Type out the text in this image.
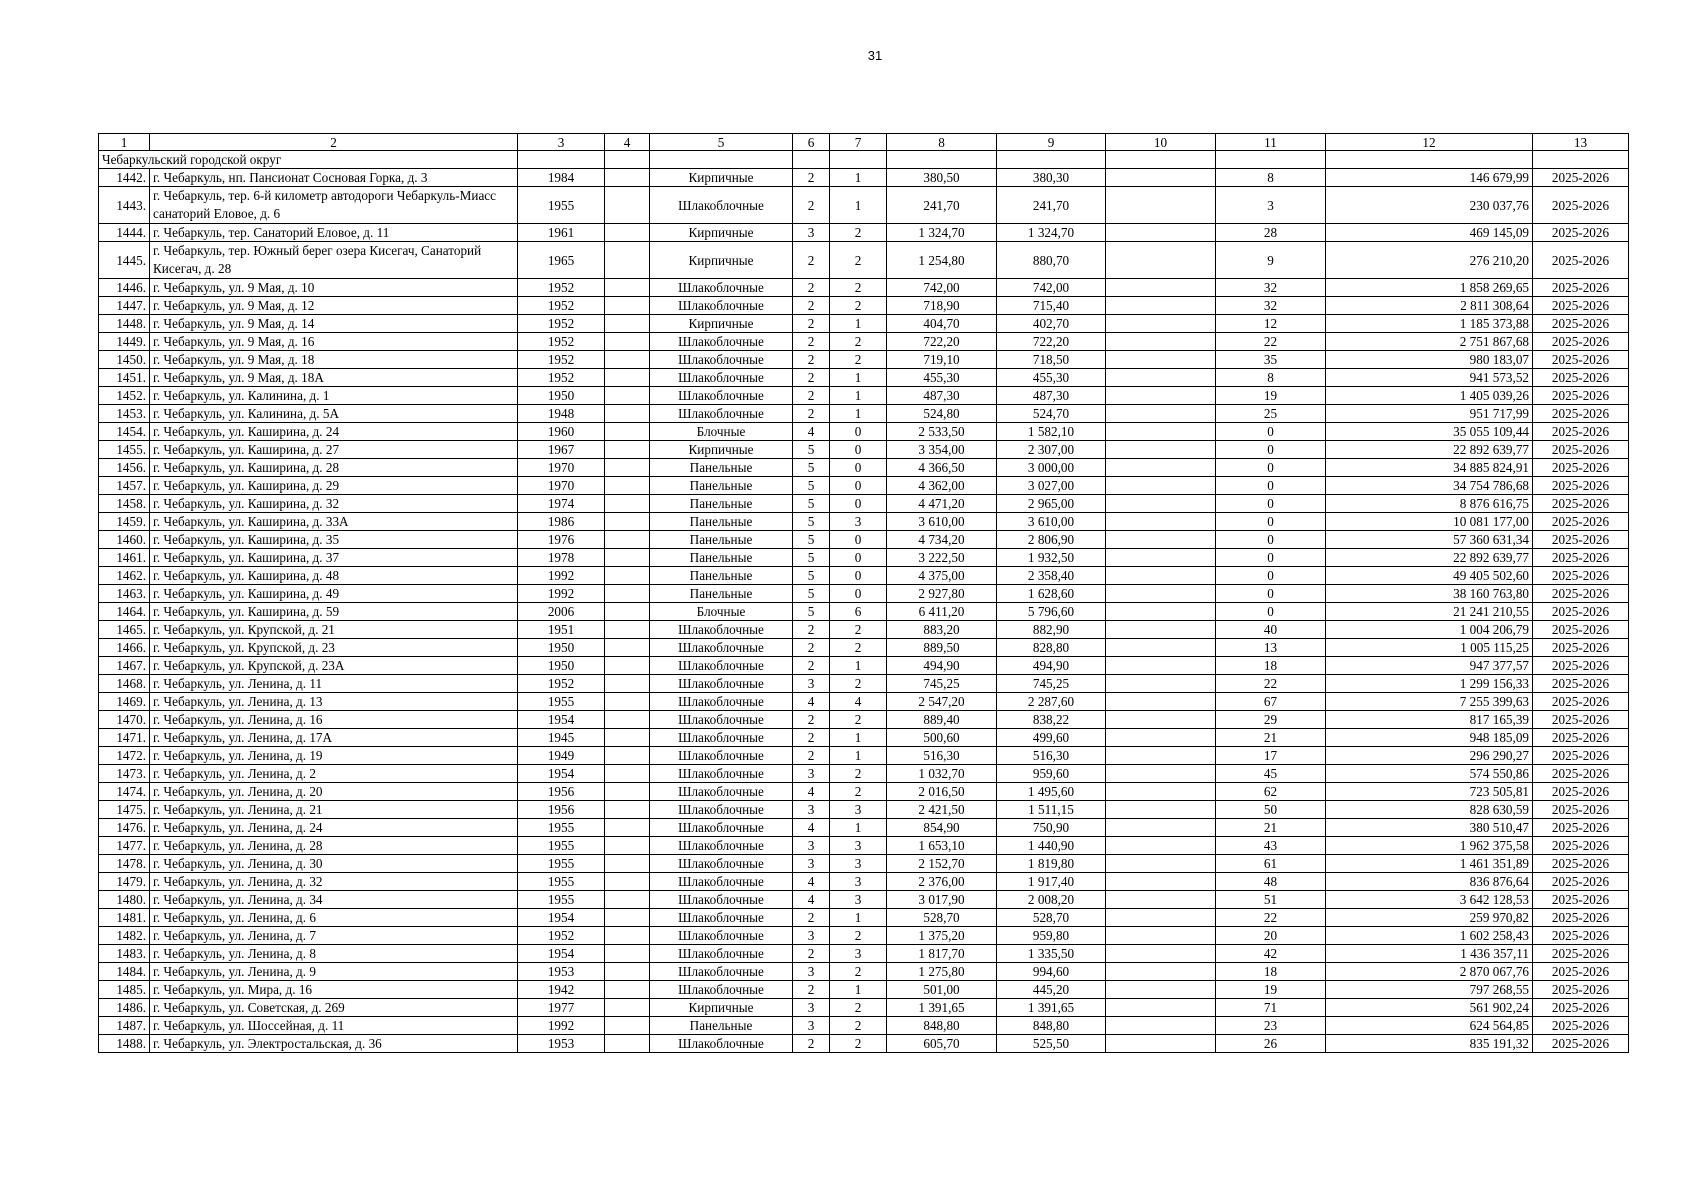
31
1	2	3	4	5	6	7	8	9	10	11	12	13
Чебаркульский городской округ												
1442.	г. Чебаркуль, нп. Пансионат Сосновая Горка, д. 3	1984		Кирпичные	2	1	380,50	380,30		8	146 679,99	2025-2026
1443.	г. Чебаркуль, тер. 6-й километр автодороги Чебаркуль-Миасс санаторий Еловое, д. 6	1955		Шлакоблочные	2	1	241,70	241,70		3	230 037,76	2025-2026
1444.	г. Чебаркуль, тер. Санаторий Еловое, д. 11	1961		Кирпичные	3	2	1 324,70	1 324,70		28	469 145,09	2025-2026
1445.	г. Чебаркуль, тер. Южный берег озера Кисегач, Санаторий Кисегач, д. 28	1965		Кирпичные	2	2	1 254,80	880,70		9	276 210,20	2025-2026
1446.	г. Чебаркуль, ул. 9 Мая, д. 10	1952		Шлакоблочные	2	2	742,00	742,00		32	1 858 269,65	2025-2026
1447.	г. Чебаркуль, ул. 9 Мая, д. 12	1952		Шлакоблочные	2	2	718,90	715,40		32	2 811 308,64	2025-2026
1448.	г. Чебаркуль, ул. 9 Мая, д. 14	1952		Кирпичные	2	1	404,70	402,70		12	1 185 373,88	2025-2026
1449.	г. Чебаркуль, ул. 9 Мая, д. 16	1952		Шлакоблочные	2	2	722,20	722,20		22	2 751 867,68	2025-2026
1450.	г. Чебаркуль, ул. 9 Мая, д. 18	1952		Шлакоблочные	2	2	719,10	718,50		35	980 183,07	2025-2026
1451.	г. Чебаркуль, ул. 9 Мая, д. 18А	1952		Шлакоблочные	2	1	455,30	455,30		8	941 573,52	2025-2026
1452.	г. Чебаркуль, ул. Калинина, д. 1	1950		Шлакоблочные	2	1	487,30	487,30		19	1 405 039,26	2025-2026
1453.	г. Чебаркуль, ул. Калинина, д. 5А	1948		Шлакоблочные	2	1	524,80	524,70		25	951 717,99	2025-2026
1454.	г. Чебаркуль, ул. Каширина, д. 24	1960		Блочные	4	0	2 533,50	1 582,10		0	35 055 109,44	2025-2026
1455.	г. Чебаркуль, ул. Каширина, д. 27	1967		Кирпичные	5	0	3 354,00	2 307,00		0	22 892 639,77	2025-2026
1456.	г. Чебаркуль, ул. Каширина, д. 28	1970		Панельные	5	0	4 366,50	3 000,00		0	34 885 824,91	2025-2026
1457.	г. Чебаркуль, ул. Каширина, д. 29	1970		Панельные	5	0	4 362,00	3 027,00		0	34 754 786,68	2025-2026
1458.	г. Чебаркуль, ул. Каширина, д. 32	1974		Панельные	5	0	4 471,20	2 965,00		0	8 876 616,75	2025-2026
1459.	г. Чебаркуль, ул. Каширина, д. 33А	1986		Панельные	5	3	3 610,00	3 610,00		0	10 081 177,00	2025-2026
1460.	г. Чебаркуль, ул. Каширина, д. 35	1976		Панельные	5	0	4 734,20	2 806,90		0	57 360 631,34	2025-2026
1461.	г. Чебаркуль, ул. Каширина, д. 37	1978		Панельные	5	0	3 222,50	1 932,50		0	22 892 639,77	2025-2026
1462.	г. Чебаркуль, ул. Каширина, д. 48	1992		Панельные	5	0	4 375,00	2 358,40		0	49 405 502,60	2025-2026
1463.	г. Чебаркуль, ул. Каширина, д. 49	1992		Панельные	5	0	2 927,80	1 628,60		0	38 160 763,80	2025-2026
1464.	г. Чебаркуль, ул. Каширина, д. 59	2006		Блочные	5	6	6 411,20	5 796,60		0	21 241 210,55	2025-2026
1465.	г. Чебаркуль, ул. Крупской, д. 21	1951		Шлакоблочные	2	2	883,20	882,90		40	1 004 206,79	2025-2026
1466.	г. Чебаркуль, ул. Крупской, д. 23	1950		Шлакоблочные	2	2	889,50	828,80		13	1 005 115,25	2025-2026
1467.	г. Чебаркуль, ул. Крупской, д. 23А	1950		Шлакоблочные	2	1	494,90	494,90		18	947 377,57	2025-2026
1468.	г. Чебаркуль, ул. Ленина, д. 11	1952		Шлакоблочные	3	2	745,25	745,25		22	1 299 156,33	2025-2026
1469.	г. Чебаркуль, ул. Ленина, д. 13	1955		Шлакоблочные	4	4	2 547,20	2 287,60		67	7 255 399,63	2025-2026
1470.	г. Чебаркуль, ул. Ленина, д. 16	1954		Шлакоблочные	2	2	889,40	838,22		29	817 165,39	2025-2026
1471.	г. Чебаркуль, ул. Ленина, д. 17А	1945		Шлакоблочные	2	1	500,60	499,60		21	948 185,09	2025-2026
1472.	г. Чебаркуль, ул. Ленина, д. 19	1949		Шлакоблочные	2	1	516,30	516,30		17	296 290,27	2025-2026
1473.	г. Чебаркуль, ул. Ленина, д. 2	1954		Шлакоблочные	3	2	1 032,70	959,60		45	574 550,86	2025-2026
1474.	г. Чебаркуль, ул. Ленина, д. 20	1956		Шлакоблочные	4	2	2 016,50	1 495,60		62	723 505,81	2025-2026
1475.	г. Чебаркуль, ул. Ленина, д. 21	1956		Шлакоблочные	3	3	2 421,50	1 511,15		50	828 630,59	2025-2026
1476.	г. Чебаркуль, ул. Ленина, д. 24	1955		Шлакоблочные	4	1	854,90	750,90		21	380 510,47	2025-2026
1477.	г. Чебаркуль, ул. Ленина, д. 28	1955		Шлакоблочные	3	3	1 653,10	1 440,90		43	1 962 375,58	2025-2026
1478.	г. Чебаркуль, ул. Ленина, д. 30	1955		Шлакоблочные	3	3	2 152,70	1 819,80		61	1 461 351,89	2025-2026
1479.	г. Чебаркуль, ул. Ленина, д. 32	1955		Шлакоблочные	4	3	2 376,00	1 917,40		48	836 876,64	2025-2026
1480.	г. Чебаркуль, ул. Ленина, д. 34	1955		Шлакоблочные	4	3	3 017,90	2 008,20		51	3 642 128,53	2025-2026
1481.	г. Чебаркуль, ул. Ленина, д. 6	1954		Шлакоблочные	2	1	528,70	528,70		22	259 970,82	2025-2026
1482.	г. Чебаркуль, ул. Ленина, д. 7	1952		Шлакоблочные	3	2	1 375,20	959,80		20	1 602 258,43	2025-2026
1483.	г. Чебаркуль, ул. Ленина, д. 8	1954		Шлакоблочные	2	3	1 817,70	1 335,50		42	1 436 357,11	2025-2026
1484.	г. Чебаркуль, ул. Ленина, д. 9	1953		Шлакоблочные	3	2	1 275,80	994,60		18	2 870 067,76	2025-2026
1485.	г. Чебаркуль, ул. Мира, д. 16	1942		Шлакоблочные	2	1	501,00	445,20		19	797 268,55	2025-2026
1486.	г. Чебаркуль, ул. Советская, д. 269	1977		Кирпичные	3	2	1 391,65	1 391,65		71	561 902,24	2025-2026
1487.	г. Чебаркуль, ул. Шоссейная, д. 11	1992		Панельные	3	2	848,80	848,80		23	624 564,85	2025-2026
1488.	г. Чебаркуль, ул. Электростальская, д. 36	1953		Шлакоблочные	2	2	605,70	525,50		26	835 191,32	2025-2026
